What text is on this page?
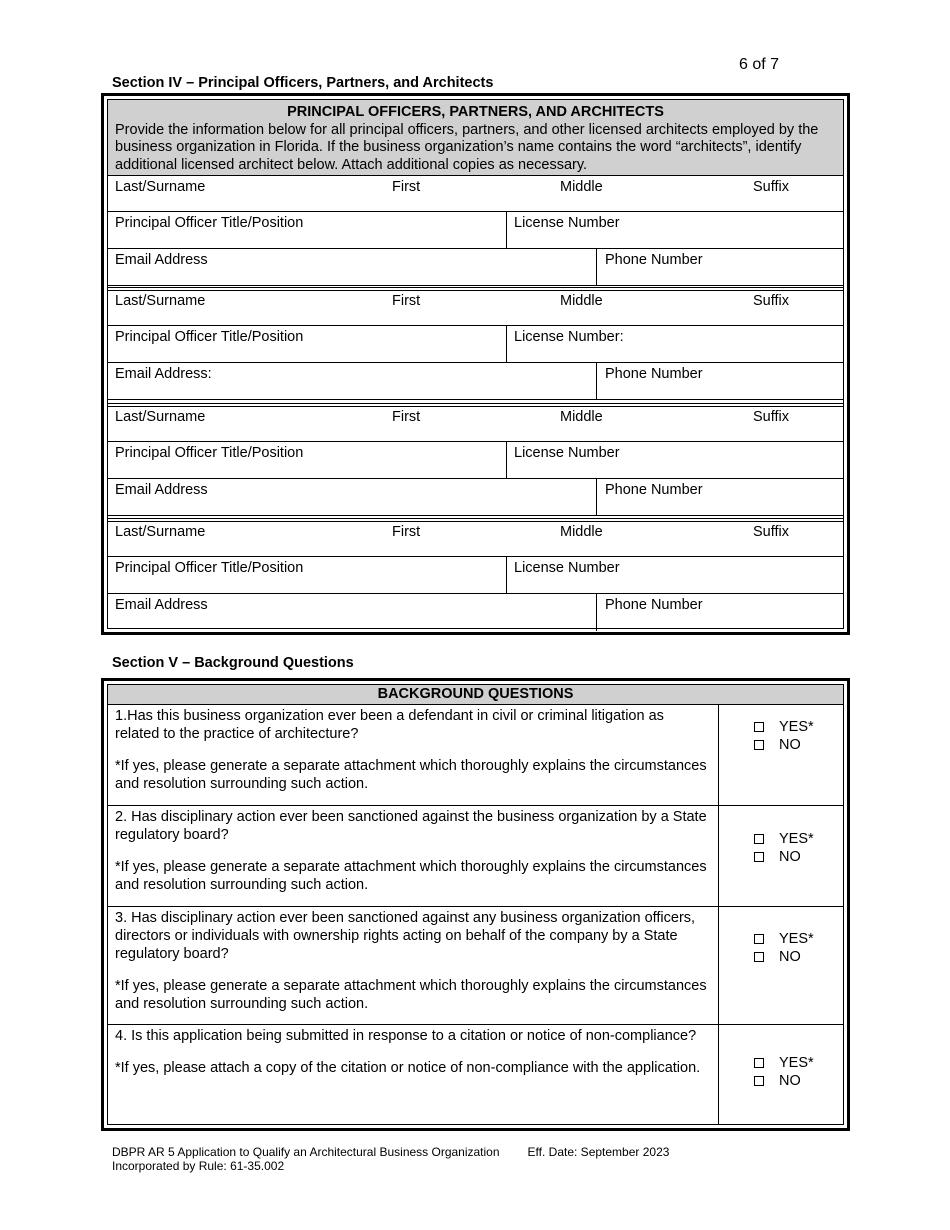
6 of 7
Section IV – Principal Officers, Partners, and Architects
PRINCIPAL OFFICERS, PARTNERS, AND ARCHITECTS
Provide the information below for all principal officers, partners, and other licensed architects employed by the business organization in Florida. If the business organization’s name contains the word “architects”, identify additional licensed architect below. Attach additional copies as necessary.
Last/Surname	First	Middle	Suffix
Principal Officer Title/Position	License Number
Email Address	Phone Number
Last/Surname	First	Middle	Suffix
Principal Officer Title/Position	License Number:
Email Address:	Phone Number
Last/Surname	First	Middle	Suffix
Principal Officer Title/Position	License Number
Email Address	Phone Number
Last/Surname	First	Middle	Suffix
Principal Officer Title/Position	License Number
Email Address	Phone Number
Section V – Background Questions
BACKGROUND QUESTIONS

1.Has this business organization ever been a defendant in civil or criminal litigation as related to the practice of architecture?

*If yes, please generate a separate attachment which thoroughly explains the circumstances and resolution surrounding such action.

YES*
NO

2. Has disciplinary action ever been sanctioned against the business organization by a State regulatory board?

*If yes, please generate a separate attachment which thoroughly explains the circumstances and resolution surrounding such action.

YES*
NO

3. Has disciplinary action ever been sanctioned against any business organization officers, directors or individuals with ownership rights acting on behalf of the company by a State regulatory board?

*If yes, please generate a separate attachment which thoroughly explains the circumstances and resolution surrounding such action.

YES*
NO

4. Is this application being submitted in response to a citation or notice of non-compliance?

*If yes, please attach a copy of the citation or notice of non-compliance with the application.	YES*
NO
DBPR AR 5 Application to Qualify an Architectural Business Organization Eff. Date: September 2023
Incorporated by Rule: 61-35.002
